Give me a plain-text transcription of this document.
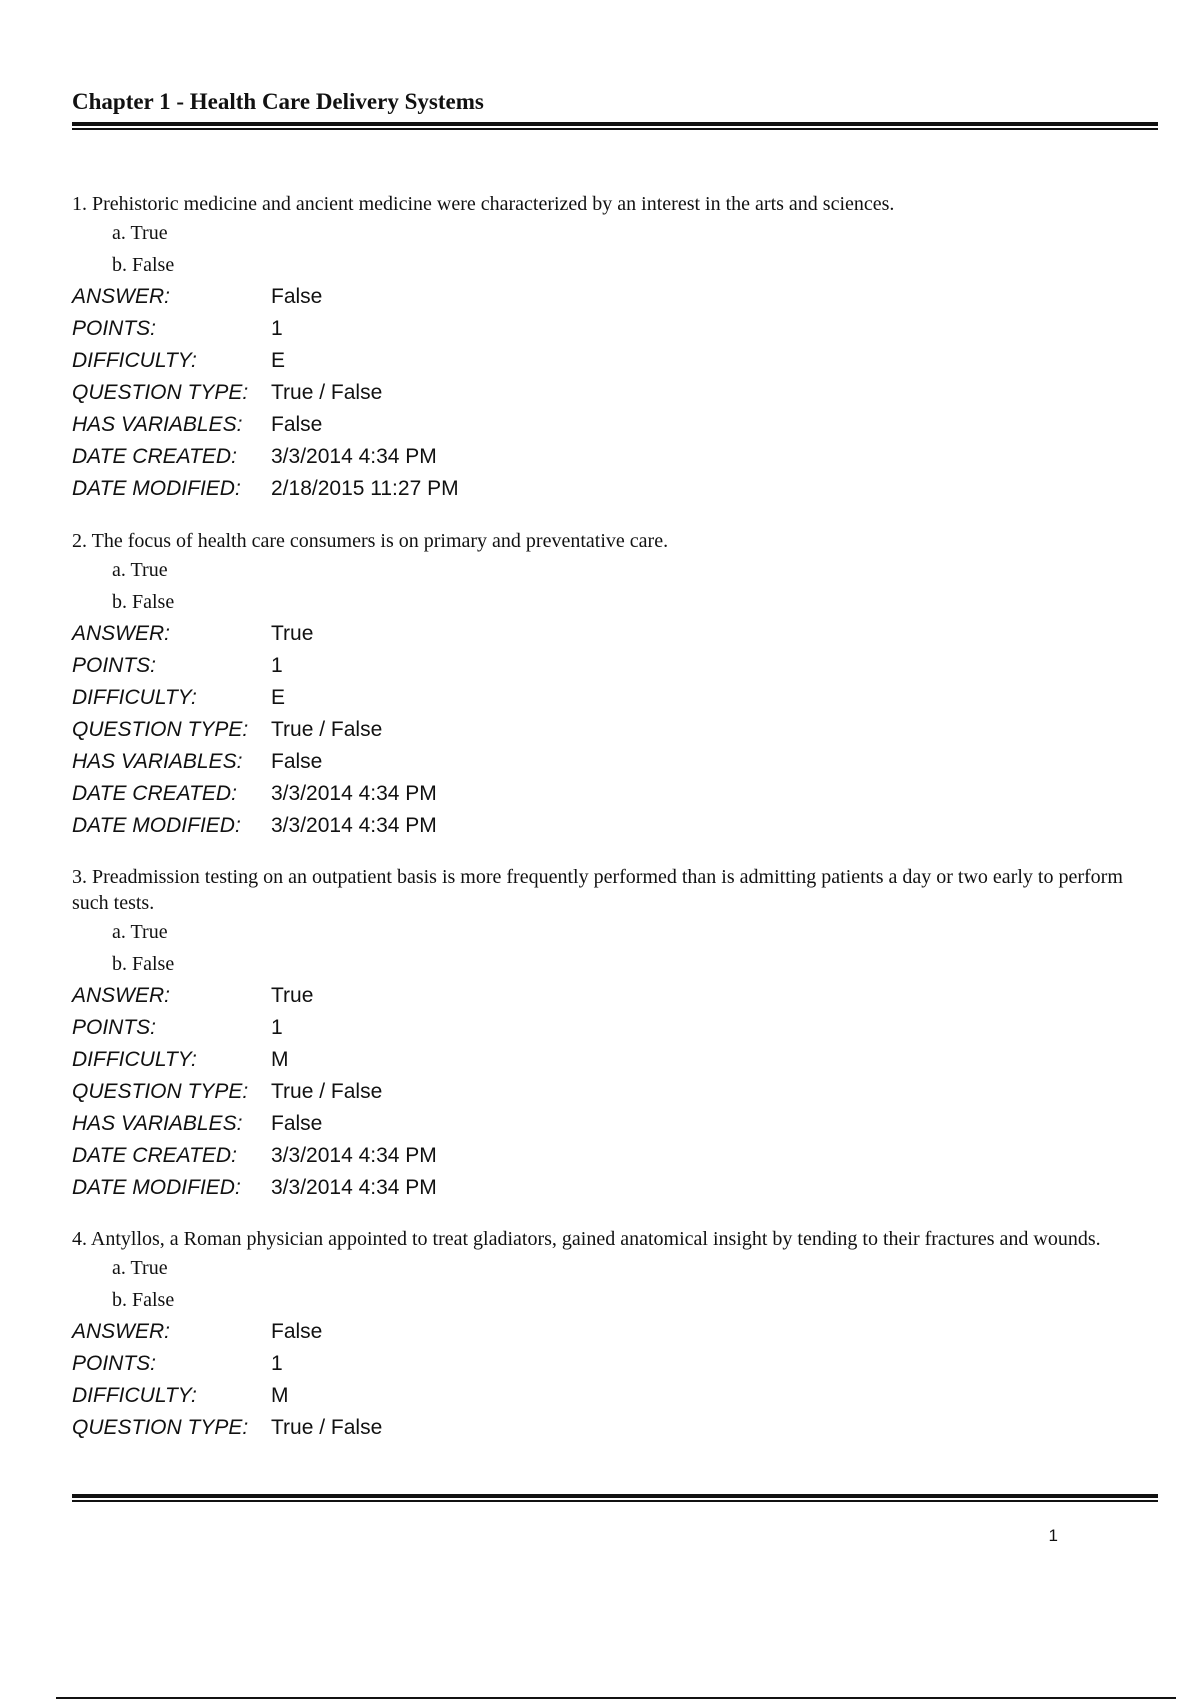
Chapter 1 - Health Care Delivery Systems

1. Prehistoric medicine and ancient medicine were characterized by an interest in the arts and sciences.

a. True
b. False
ANSWER:	False
POINTS:	1
DIFFICULTY:	E
QUESTION TYPE:	True / False
HAS VARIABLES:	False
DATE CREATED:	3/3/2014 4:34 PM
DATE MODIFIED:	2/18/2015 11:27 PM

2. The focus of health care consumers is on primary and preventative care.

a. True
b. False
ANSWER:	True
POINTS:	1
DIFFICULTY:	E
QUESTION TYPE:	True / False
HAS VARIABLES:	False
DATE CREATED:	3/3/2014 4:34 PM
DATE MODIFIED:	3/3/2014 4:34 PM

3. Preadmission testing on an outpatient basis is more frequently performed than is admitting patients a day or two early to perform such tests.

a. True
b. False
ANSWER:	True
POINTS:	1
DIFFICULTY:	M
QUESTION TYPE:	True / False
HAS VARIABLES:	False
DATE CREATED:	3/3/2014 4:34 PM
DATE MODIFIED:	3/3/2014 4:34 PM

4. Antyllos, a Roman physician appointed to treat gladiators, gained anatomical insight by tending to their fractures and wounds.

a. True
b. False
ANSWER:	False
POINTS:	1
DIFFICULTY:	M
QUESTION TYPE:	True / False
1
